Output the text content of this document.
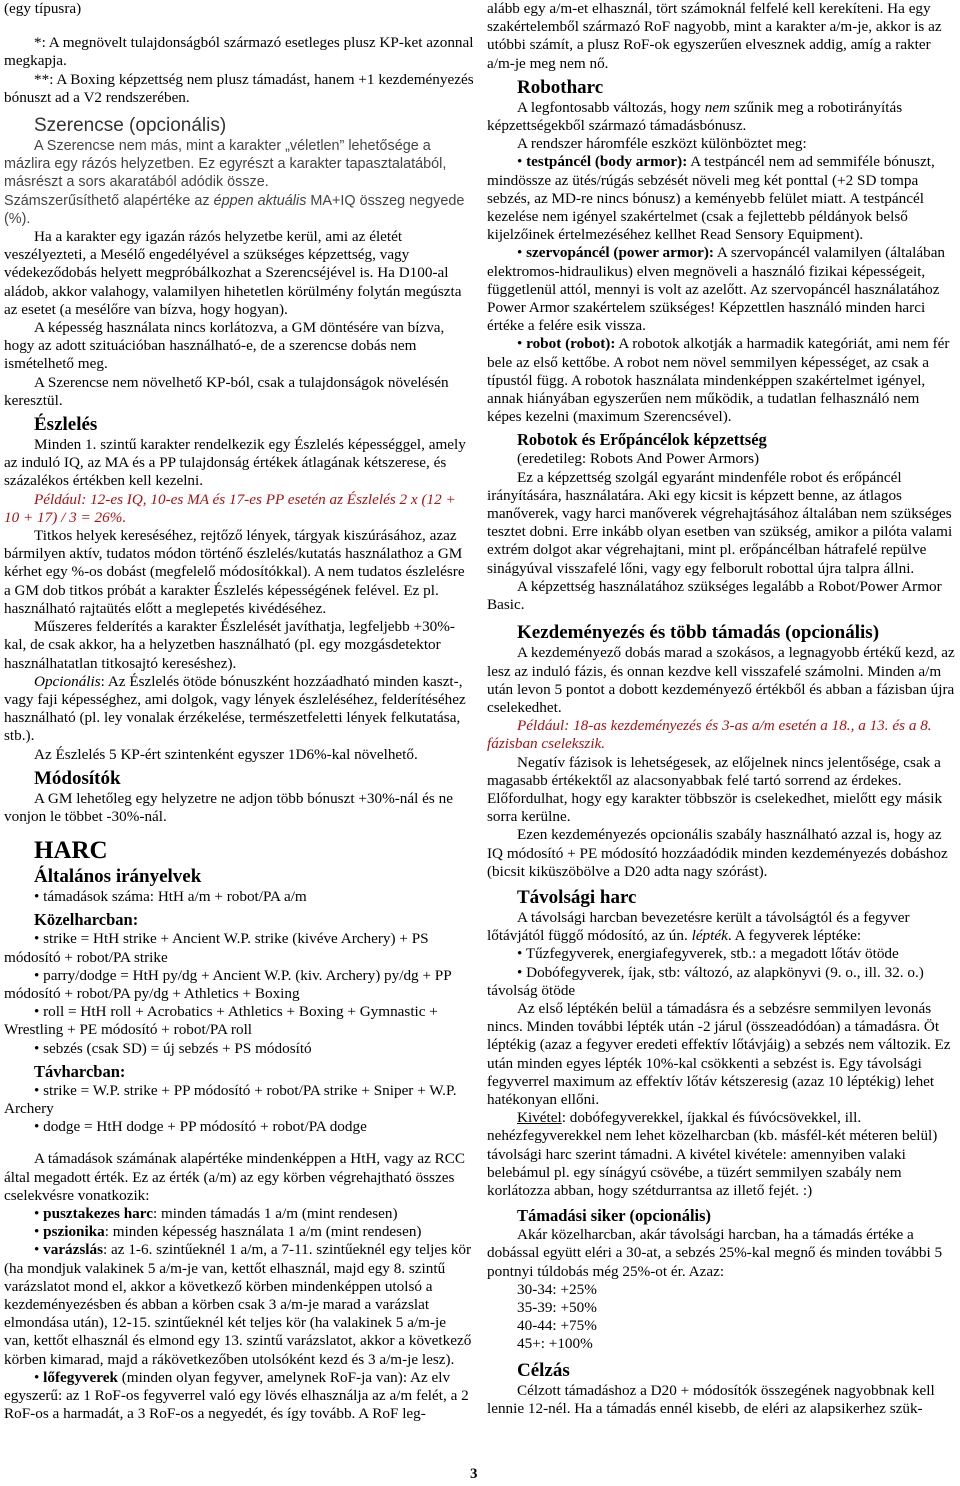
(egy típusra)

*: A megnövelt tulajdonságból származó esetleges plusz KP-ket azonnal megkapja.

**: A Boxing képzettség nem plusz támadást, hanem +1 kezdeményezés bónuszt ad a V2 rendszerében.

Szerencse (opcionális)

A Szerencse nem más, mint a karakter „véletlen” lehetősége a mázlira egy rázós helyzetben. Ez egyrészt a karakter tapasztalatából, másrészt a sors akaratából adódik össze.

Számszerűsíthető alapértéke az éppen aktuális MA+IQ összeg negyede (%).

Ha a karakter egy igazán rázós helyzetbe kerül, ami az életét veszélyezteti, a Mesélő engedélyével a szükséges képzettség, vagy védekeződobás helyett megpróbálkozhat a Szerencséjével is. Ha D100-al aládob, akkor valahogy, valamilyen hihetetlen körülmény folytán megúszta az esetet (a mesélőre van bízva, hogy hogyan).

A képesség használata nincs korlátozva, a GM döntésére van bízva, hogy az adott szituációban használható-e, de a szerencse dobás nem ismételhető meg.

A Szerencse nem növelhető KP-ból, csak a tulajdonságok növelésén keresztül.

Észlelés

Minden 1. szintű karakter rendelkezik egy Észlelés képességgel, amely az induló IQ, az MA és a PP tulajdonság értékek átlagának kétszerese, és százalékos értékben kell kezelni.

Például: 12-es IQ, 10-es MA és 17-es PP esetén az Észlelés 2 x (12 + 10 + 17) / 3 = 26%.

Titkos helyek kereséséhez, rejtőző lények, tárgyak kiszúrásához, azaz bármilyen aktív, tudatos módon történő észlelés/kutatás használathoz a GM kérhet egy %-os dobást (megfelelő módosítókkal). A nem tudatos észlelésre a GM dob titkos próbát a karakter Észlelés képességének felével. Ez pl. használható rajtaütés előtt a meglepetés kivédéséhez.

Műszeres felderítés a karakter Észlelését javíthatja, legfeljebb +30%-kal, de csak akkor, ha a helyzetben használható (pl. egy mozgásdetektor használhatatlan titkosajtó kereséshez).

Opcionális: Az Észlelés ötöde bónuszként hozzáadható minden kaszt-, vagy faji képességhez, ami dolgok, vagy lények észleléséhez, felderítéséhez használható (pl. ley vonalak érzékelése, természetfeletti lények felkutatása, stb.).

Az Észlelés 5 KP-ért szintenként egyszer 1D6%-kal növelhető.

Módosítók

A GM lehetőleg egy helyzetre ne adjon több bónuszt +30%-nál és ne vonjon le többet -30%-nál.

HARC
Általános irányelvek

• támadások száma: HtH a/m + robot/PA a/m

Közelharcban:

• strike = HtH strike + Ancient W.P. strike (kivéve Archery) + PS módosító + robot/PA strike

• parry/dodge = HtH py/dg + Ancient W.P. (kiv. Archery) py/dg + PP módosító + robot/PA py/dg + Athletics + Boxing

• roll = HtH roll + Acrobatics + Athletics + Boxing + Gymnastic + Wrestling + PE módosító + robot/PA roll

• sebzés (csak SD) = új sebzés + PS módosító

Távharcban:

• strike = W.P. strike + PP módosító + robot/PA strike + Sniper + W.P. Archery

• dodge = HtH dodge + PP módosító + robot/PA dodge

A támadások számának alapértéke mindenképpen a HtH, vagy az RCC által megadott érték. Ez az érték (a/m) az egy körben végrehajtható összes cselekvésre vonatkozik:

• pusztakezes harc: minden támadás 1 a/m (mint rendesen)

• pszionika: minden képesség használata 1 a/m (mint rendesen)

• varázslás: az 1-6. szintűeknél 1 a/m, a 7-11. szintűeknél egy teljes kör (ha mondjuk valakinek 5 a/m-je van, kettőt elhasznál, majd egy 8. szintű varázslatot mond el, akkor a következő körben mindenképpen utolsó a kezdeményezésben és abban a körben csak 3 a/m-je marad a varázslat elmondása után), 12-15. szintűeknél két teljes kör (ha valakinek 5 a/m-je van, kettőt elhasznál és elmond egy 13. szintű varázslatot, akkor a következő körben kimarad, majd a rákövetkezőben utolsóként kezd és 3 a/m-je lesz).

• lőfegyverek (minden olyan fegyver, amelynek RoF-ja van): Az elv egyszerű: az 1 RoF-os fegyverrel való egy lövés elhasználja az a/m felét, a 2 RoF-os a harmadát, a 3 RoF-os a negyedét, és így tovább. A RoF leg-

alább egy a/m-et elhasznál, tört számoknál felfelé kell kerekíteni. Ha egy szakértelemből származó RoF nagyobb, mint a karakter a/m-je, akkor is az utóbbi számít, a plusz RoF-ok egyszerűen elvesznek addig, amíg a rakter a/m-je meg nem nő.

Robotharc

A legfontosabb változás, hogy nem szűnik meg a robotirányítás képzettségekből származó támadásbónusz.

A rendszer háromféle eszközt különböztet meg:

• testpáncél (body armor): A testpáncél nem ad semmiféle bónuszt, mindössze az ütés/rúgás sebzését növeli meg két ponttal (+2 SD tompa sebzés, az MD-re nincs bónusz) a keményebb felület miatt. A testpáncél kezelése nem igényel szakértelmet (csak a fejlettebb példányok belső kijelzőinek értelmezéséhez kellhet Read Sensory Equipment).

• szervopáncél (power armor): A szervopáncél valamilyen (általában elektromos-hidraulikus) elven megnöveli a használó fizikai képességeit, függetlenül attól, mennyi is volt az azelőtt. Az szervopáncél használatához Power Armor szakértelem szükséges! Képzettlen használó minden harci értéke a felére esik vissza.

• robot (robot): A robotok alkotják a harmadik kategóriát, ami nem fér bele az első kettőbe. A robot nem növel semmilyen képességet, az csak a típustól függ. A robotok használata mindenképpen szakértelmet igényel, annak hiányában egyszerűen nem működik, a tudatlan felhasználó nem képes kezelni (maximum Szerencsével).

Robotok és Erőpáncélok képzettség

(eredetileg: Robots And Power Armors)

Ez a képzettség szolgál egyaránt mindenféle robot és erőpáncél irányítására, használatára. Aki egy kicsit is képzett benne, az átlagos manőverek, vagy harci manőverek végrehajtásához általában nem szükséges tesztet dobni. Erre inkább olyan esetben van szükség, amikor a pilóta valami extrém dolgot akar végrehajtani, mint pl. erőpáncélban hátrafelé repülve sinágyúval visszafelé lőni, vagy egy felborult robottal újra talpra állni.

A képzettség használatához szükséges legalább a Robot/Power Armor Basic.

Kezdeményezés és több támadás (opcionális)

A kezdeményező dobás marad a szokásos, a legnagyobb értékű kezd, az lesz az induló fázis, és onnan kezdve kell visszafelé számolni. Minden a/m után levon 5 pontot a dobott kezdeményező értékből és abban a fázisban újra cselekedhet.

Például: 18-as kezdeményezés és 3-as a/m esetén a 18., a 13. és a 8. fázisban cselekszik.

Negatív fázisok is lehetségesek, az előjelnek nincs jelentősége, csak a magasabb értékektől az alacsonyabbak felé tartó sorrend az érdekes. Előfordulhat, hogy egy karakter többször is cselekedhet, mielőtt egy másik sorra kerülne.

Ezen kezdeményezés opcionális szabály használható azzal is, hogy az IQ módosító + PE módosító hozzáadódik minden kezdeményezés dobáshoz (bicsit kiküszöbölve a D20 adta nagy szórást).

Távolsági harc

A távolsági harcban bevezetésre került a távolságtól és a fegyver lőtávjától függő módosító, az ún. lépték. A fegyverek léptéke:

• Tűzfegyverek, energiafegyverek, stb.: a megadott lőtáv ötöde

• Dobófegyverek, íjak, stb: változó, az alapkönyvi (9. o., ill. 32. o.) távolság ötöde

Az első léptékén belül a támadásra és a sebzésre semmilyen levonás nincs. Minden további lépték után -2 járul (összeadódóan) a támadásra. Öt léptékig (azaz a fegyver eredeti effektív lőtávjáig) a sebzés nem változik. Ez után minden egyes lépték 10%-kal csökkenti a sebzést is. Egy távolsági fegyverrel maximum az effektív lőtáv kétszeresig (azaz 10 léptékig) lehet hatékonyan ellőni.

Kivétel: dobófegyverekkel, íjakkal és fúvócsövekkel, ill. nehézfegyverekkel nem lehet közelharcban (kb. másfél-két méteren belül) távolsági harc szerint támadni. A kivétel kivétele: amennyiben valaki belebámul pl. egy sínágyú csövébe, a tüzért semmilyen szabály nem korlátozza abban, hogy szétdurrantsa az illető fejét. :)

Támadási siker (opcionális)

Akár közelharcban, akár távolsági harcban, ha a támadás értéke a dobással együtt eléri a 30-at, a sebzés 25%-kal megnő és minden további 5 pontnyi túldobás még 25%-ot ér. Azaz:

30-34: +25%

35-39: +50%

40-44: +75%

45+: +100%

Célzás

Célzott támadáshoz a D20 + módosítók összegének nagyobbnak kell lennie 12-nél. Ha a támadás ennél kisebb, de eléri az alapsikerhez szük-

3
